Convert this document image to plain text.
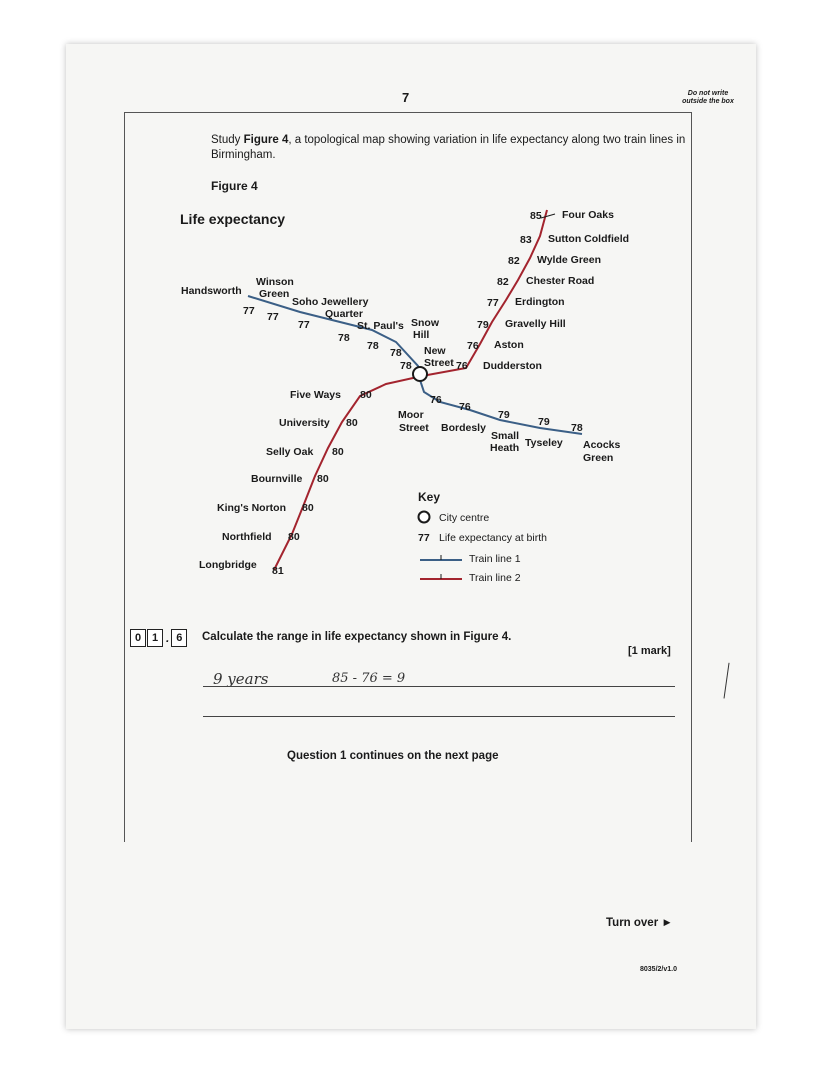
7	Do not write outside the box
Study Figure 4, a topological map showing variation in life expectancy along two train lines in Birmingham.
Figure 4
Life expectancy	85 Four Oaks
83 Sutton Coldfield
82 Wylde Green
82 Chester Road
77 Erdington
79 Gravelly Hill
76 Aston
76 Dudderston
Five Ways 80
University 80
Selly Oak 80
Bournville 80
King's Norton 80
Northfield 80
Longbridge 81
Handsworth
77
Winson
Green
77
Soho Jewellery
Quarter
77	St. Paul's
78
Snow
Hill
78	New
Street
78
78
76
Moor
Street
76
Bordesly
79
Small
Heath
79
Tyseley
78
Acocks
Green
Key
City centre
77 Life expectancy at birth
Train line 1
Train line 2
0 1 . 6	Calculate the range in life expectancy shown in Figure 4.
[1 mark]
9 years	85 - 76 = 9
Question 1 continues on the next page
Turn over ►
8035/2/v1.0
